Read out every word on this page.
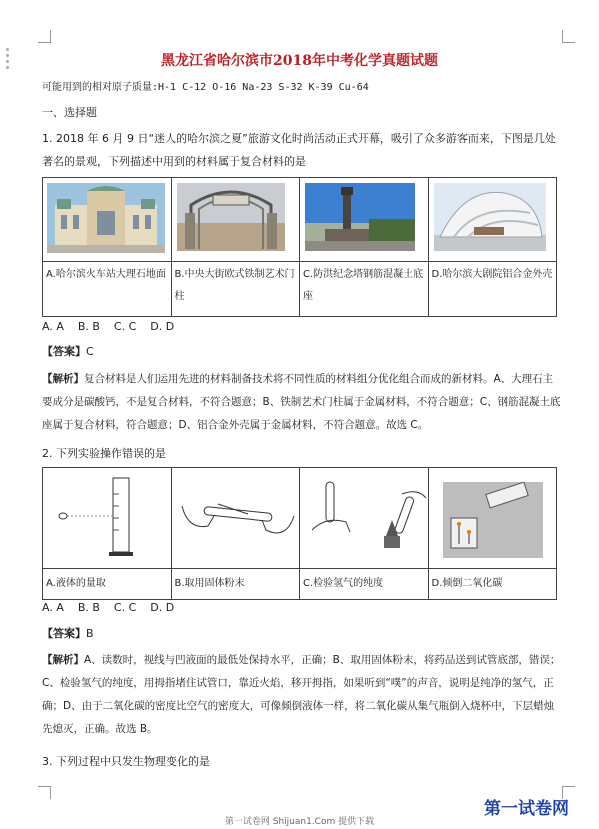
黑龙江省哈尔滨市2018年中考化学真题试题
可能用到的相对原子质量:H-1 C-12 O-16 Na-23 S-32 K-39 Cu-64
一、选择题
1. 2018 年 6 月 9 日“迷人的哈尔滨之夏”旅游文化时尚活动正式开幕，吸引了众多游客而来，下图是几处
著名的景观，下列描述中用到的材料属于复合材料的是

A.哈尔滨火车站大理石地面	B.中央大街欧式铁制艺术门柱	C.防洪纪念塔钢筋混凝土底座	D.哈尔滨大剧院铝合金外壳
A. A    B. B    C. C    D. D
【答案】C
【解析】复合材料是人们运用先进的材料制备技术将不同性质的材料组分优化组合而成的新材料。A、大理石主要成分是碳酸钙，不是复合材料，不符合题意；B、铁制艺术门柱属于金属材料，不符合题意；C、钢筋混凝土底座属于复合材料，符合题意；D、铝合金外壳属于金属材料，不符合题意。故选 C。
2. 下列实验操作错误的是

A.液体的量取	B.取用固体粉末	C.检验氢气的纯度	D.倾倒二氧化碳
A. A    B. B    C. C    D. D
【答案】B
【解析】A、读数时，视线与凹液面的最低处保持水平，正确；B、取用固体粉末，将药品送到试管底部，错误；C、检验氢气的纯度，用拇指堵住试管口，靠近火焰，移开拇指，如果听到“噗”的声音，说明是纯净的氢气，正确；D、由于二氧化碳的密度比空气的密度大，可像倾倒液体一样，将二氧化碳从集气瓶倒入烧杯中，下层蜡烛先熄灭，正确。故选 B。
3. 下列过程中只发生物理变化的是
第一试卷网
第一试卷网 Shijuan1.Com 提供下载
